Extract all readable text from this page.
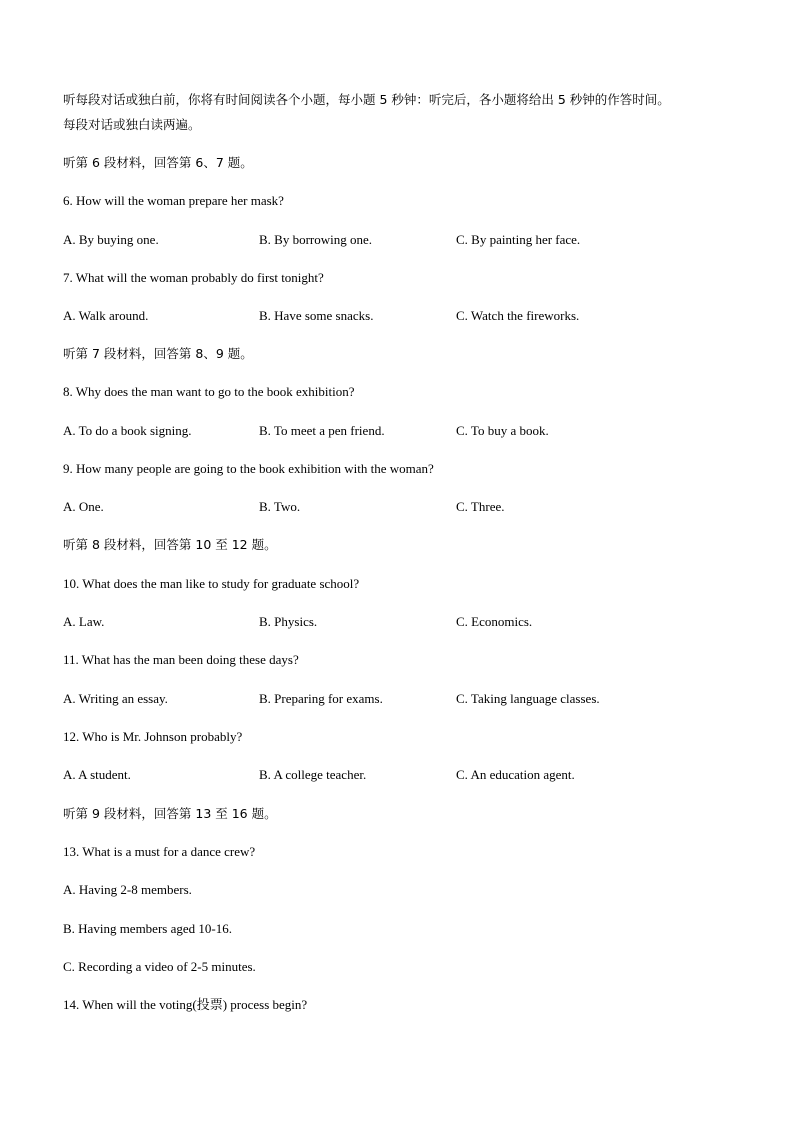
听每段对话或独白前，你将有时间阅读各个小题，每小题 5 秒钟：听完后，各小题将给出 5 秒钟的作答时间。
每段对话或独白读两遍。
听第 6 段材料，回答第 6、7 题。
6. How will the woman prepare her mask?
A. By buying one.	B. By borrowing one.	C. By painting her face.
7. What will the woman probably do first tonight?
A. Walk around.	B. Have some snacks.	C. Watch the fireworks.
听第 7 段材料，回答第 8、9 题。
8. Why does the man want to go to the book exhibition?
A. To do a book signing.	B. To meet a pen friend.	C. To buy a book.
9. How many people are going to the book exhibition with the woman?
A. One.	B. Two.	C. Three.
听第 8 段材料，回答第 10 至 12 题。
10. What does the man like to study for graduate school?
A. Law.	B. Physics.	C. Economics.
11. What has the man been doing these days?
A. Writing an essay.	B. Preparing for exams.	C. Taking language classes.
12. Who is Mr. Johnson probably?
A. A student.	B. A college teacher.	C. An education agent.
听第 9 段材料，回答第 13 至 16 题。
13. What is a must for a dance crew?
A. Having 2-8 members.
B. Having members aged 10-16.
C. Recording a video of 2-5 minutes.
14. When will the voting(投票) process begin?
